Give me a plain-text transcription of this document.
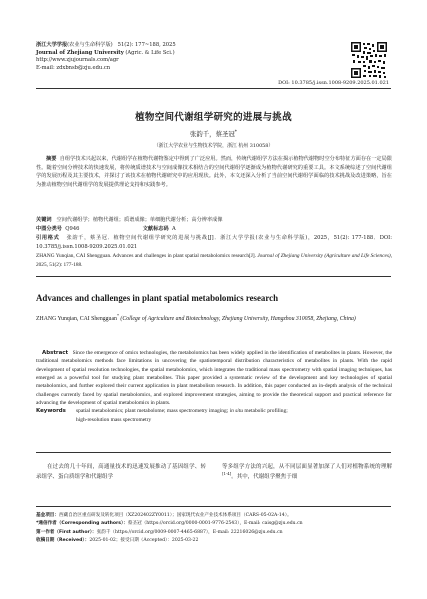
浙江大学学报(农业与生命科学版) 51(2): 177~188, 2025
Journal of Zhejiang University (Agric. & Life Sci.)
http://www.zjujournals.com/agr
E-mail: zdxbnsb@zju.edu.cn
DOI: 10.3785/j.issn.1008-9209.2025.01.021
植物空间代谢组学研究的进展与挑战
张韵千，蔡圣冠*
（浙江大学农业与生物技术学院，浙江 杭州 310058）
摘要 自组学技术兴起以来，代谢组学在植物代谢物鉴定中得到了广泛应用。然而，传统代谢组学方法在揭示植物代谢物时空分布特征方面存在一定局限性。随着空间分辨技术的快速发展，将传统质谱技术与空间成像技术相结合的空间代谢组学逐渐成为植物代谢研究的重要工具。本文系统综述了空间代谢组学的发展历程及其主要技术，并探讨了该技术在植物代谢研究中的应用现状。此外，本文还深入分析了当前空间代谢组学面临的技术挑战及改进策略，旨在为推动植物空间代谢组学的发展提供理论支持和实践参考。
关键词 空间代谢组学；植物代谢组；质谱成像；单细胞代谢分析；高分辨率成像
中图分类号 Q946	文献标志码 A
引用格式 张韵千，蔡圣冠．植物空间代谢组学研究的进展与挑战[J]．浙江大学学报(农业与生命科学版)，2025，51(2): 177-188．DOI: 10.3785/j.issn.1008-9209.2025.01.021
ZHANG Yunqian, CAI Shengguan. Advances and challenges in plant spatial metabolomics research[J]. Journal of Zhejiang University (Agriculture and Life Sciences), 2025, 51(2): 177-188.
Advances and challenges in plant spatial metabolomics research
ZHANG Yunqian, CAI Shengguan* (College of Agriculture and Biotechnology, Zhejiang University, Hangzhou 310058, Zhejiang, China)
Abstract Since the emergence of omics technologies, the metabolomics has been widely applied in the identification of metabolites in plants. However, the traditional metabolomics methods face limitations in uncovering the spatiotemporal distribution characteristics of metabolites in plants. With the rapid development of spatial resolution technologies, the spatial metabolomics, which integrates the traditional mass spectrometry with spatial imaging techniques, has emerged as a powerful tool for studying plant metabolites. This paper provided a systematic review of the development and key technologies of spatial metabolomics, and further explored their current application in plant metabolism research. In addition, this paper conducted an in-depth analysis of the technical challenges currently faced by spatial metabolomics, and explored improvement strategies, aiming to provide the theoretical support and practical reference for advancing the development of spatial metabolomics in plants.
Keywords	spatial metabolomics; plant metabolome; mass spectrometry imaging; in situ metabolic profiling;
high-resolution mass spectrometry
在过去的几十年间，高通量技术的迅速发展推动了基因组学、转录组学、蛋白质组学和代谢组学
等多组学方法的兴起，从不同层面显著加深了人们对植物系统的理解[1-4]。其中，代谢组学聚焦于细
基金项目： 西藏自治区重点研发及转化项目（XZ202402ZY0011）；国家现代农业产业技术体系项目（CARS-05-02A-14）。
*通信作者（Corresponding authors）： 蔡圣冠（https://orcid.org/0000-0001-9776-2543），E-mail: caisg@zju.edu.cn
第一作者（First author）： 张韵千（https://orcid.org/0009-0007-4465-6887），E-mail: 22216026@zju.edu.cn
收稿日期（Received）： 2025-01-02；接受日期（Accepted）：2025-03-22
